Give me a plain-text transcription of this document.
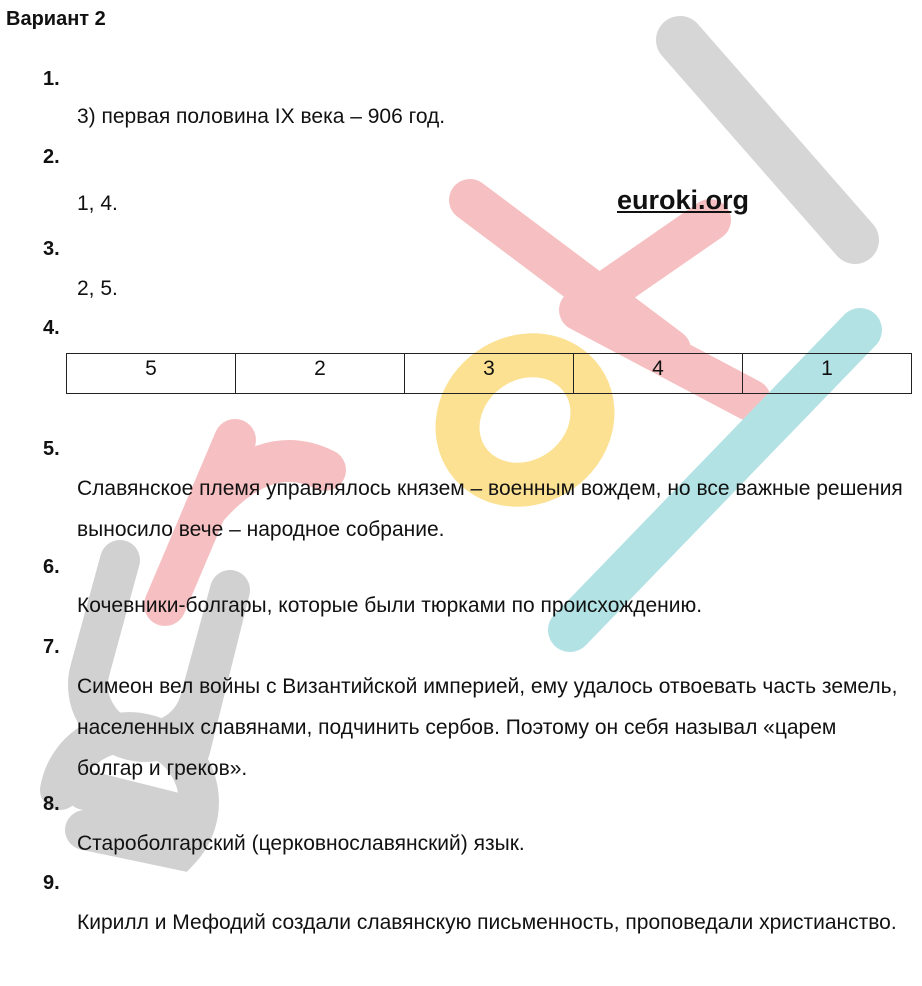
Вариант 2
euroki.org
1.
3) первая половина IX века – 906 год.
2.
1, 4.
3.
2, 5.
4.
5	2	3	4	1
5.
Славянское племя управлялось князем – военным вождем, но все важные решения выносило вече – народное собрание.
6.
Кочевники-болгары, которые были тюрками по происхождению.
7.
Симеон вел войны с Византийской империей, ему удалось отвоевать часть земель, населенных славянами, подчинить сербов. Поэтому он себя называл «царем болгар и греков».
8.
Староболгарский (церковнославянский) язык.
9.
Кирилл и Мефодий создали славянскую письменность, проповедали христианство.
